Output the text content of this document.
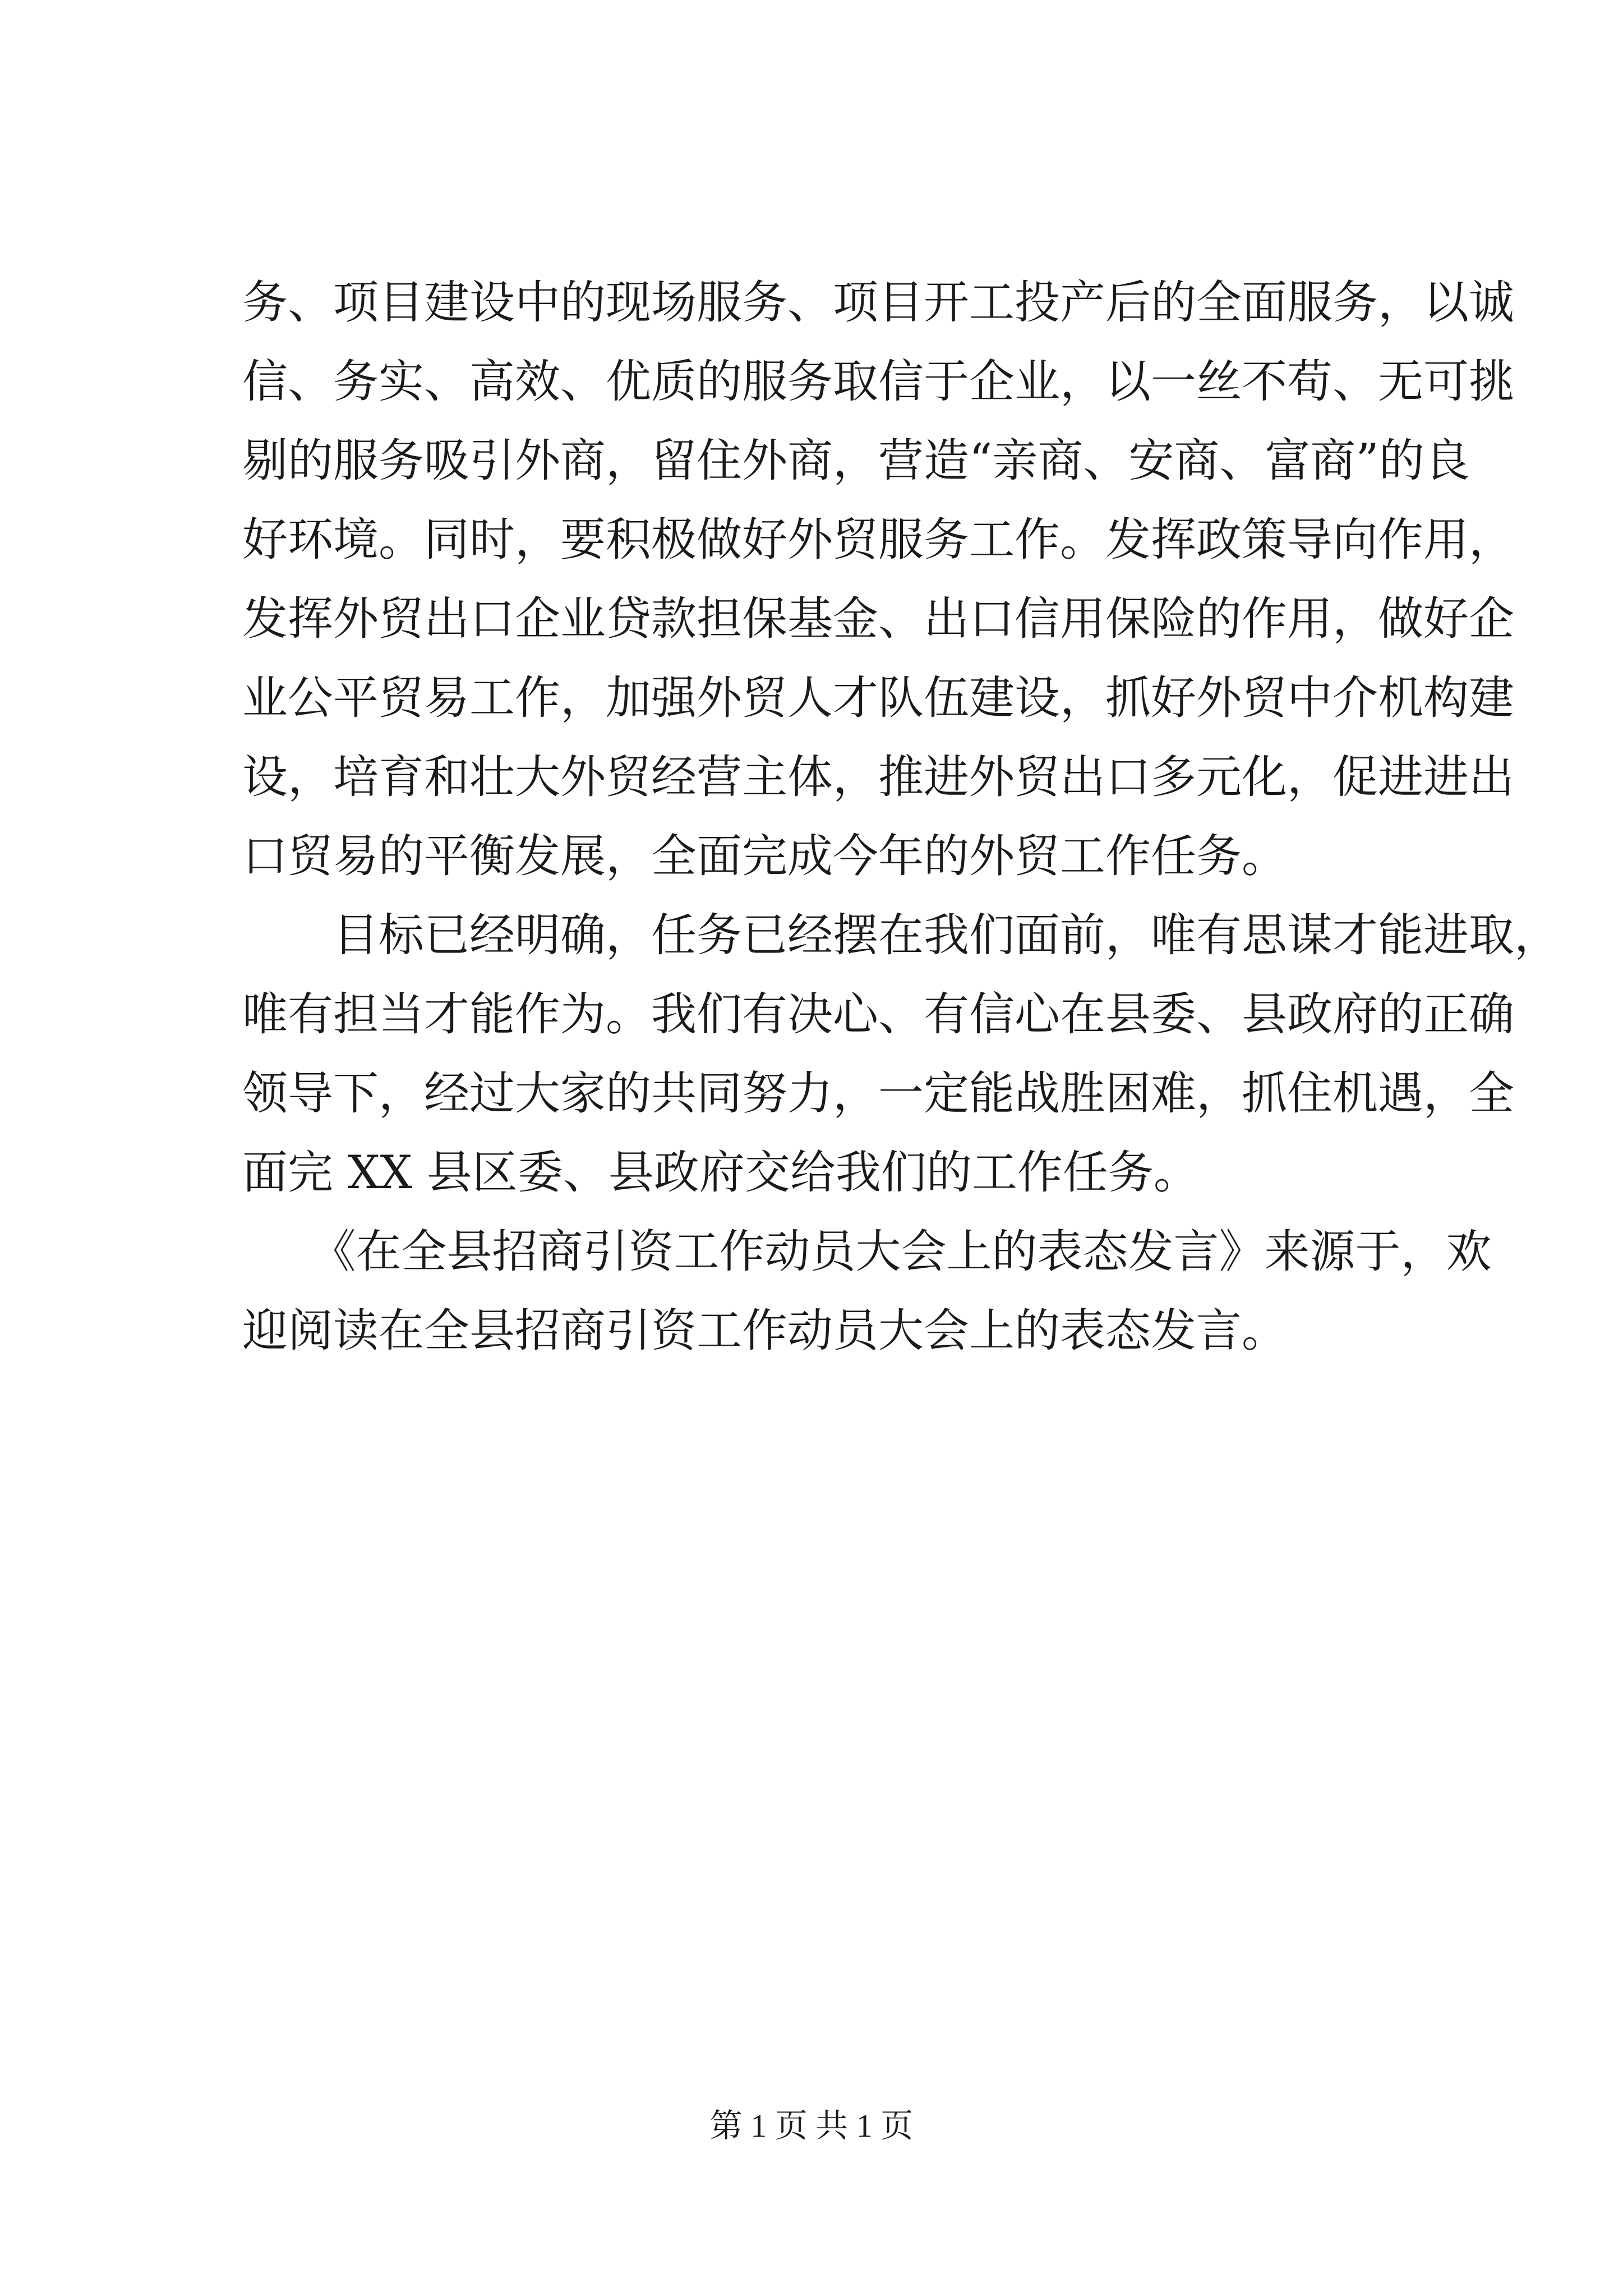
务、项目建设中的现场服务、项目开工投产后的全面服务，以诚
信、务实、高效、优质的服务取信于企业，以一丝不苟、无可挑
剔的服务吸引外商，留住外商，营造“亲商、安商、富商”的良
好环境。同时，要积极做好外贸服务工作。发挥政策导向作用，
发挥外贸出口企业贷款担保基金、出口信用保险的作用，做好企
业公平贸易工作，加强外贸人才队伍建设，抓好外贸中介机构建
设，培育和壮大外贸经营主体，推进外贸出口多元化，促进进出
口贸易的平衡发展，全面完成今年的外贸工作任务。
　　目标已经明确，任务已经摆在我们面前，唯有思谋才能进取，
唯有担当才能作为。我们有决心、有信心在县委、县政府的正确
领导下，经过大家的共同努力，一定能战胜困难，抓住机遇，全
面完 XX 县区委、县政府交给我们的工作任务。
　　《在全县招商引资工作动员大会上的表态发言》来源于，欢
迎阅读在全县招商引资工作动员大会上的表态发言。
第 1 页 共 1 页
